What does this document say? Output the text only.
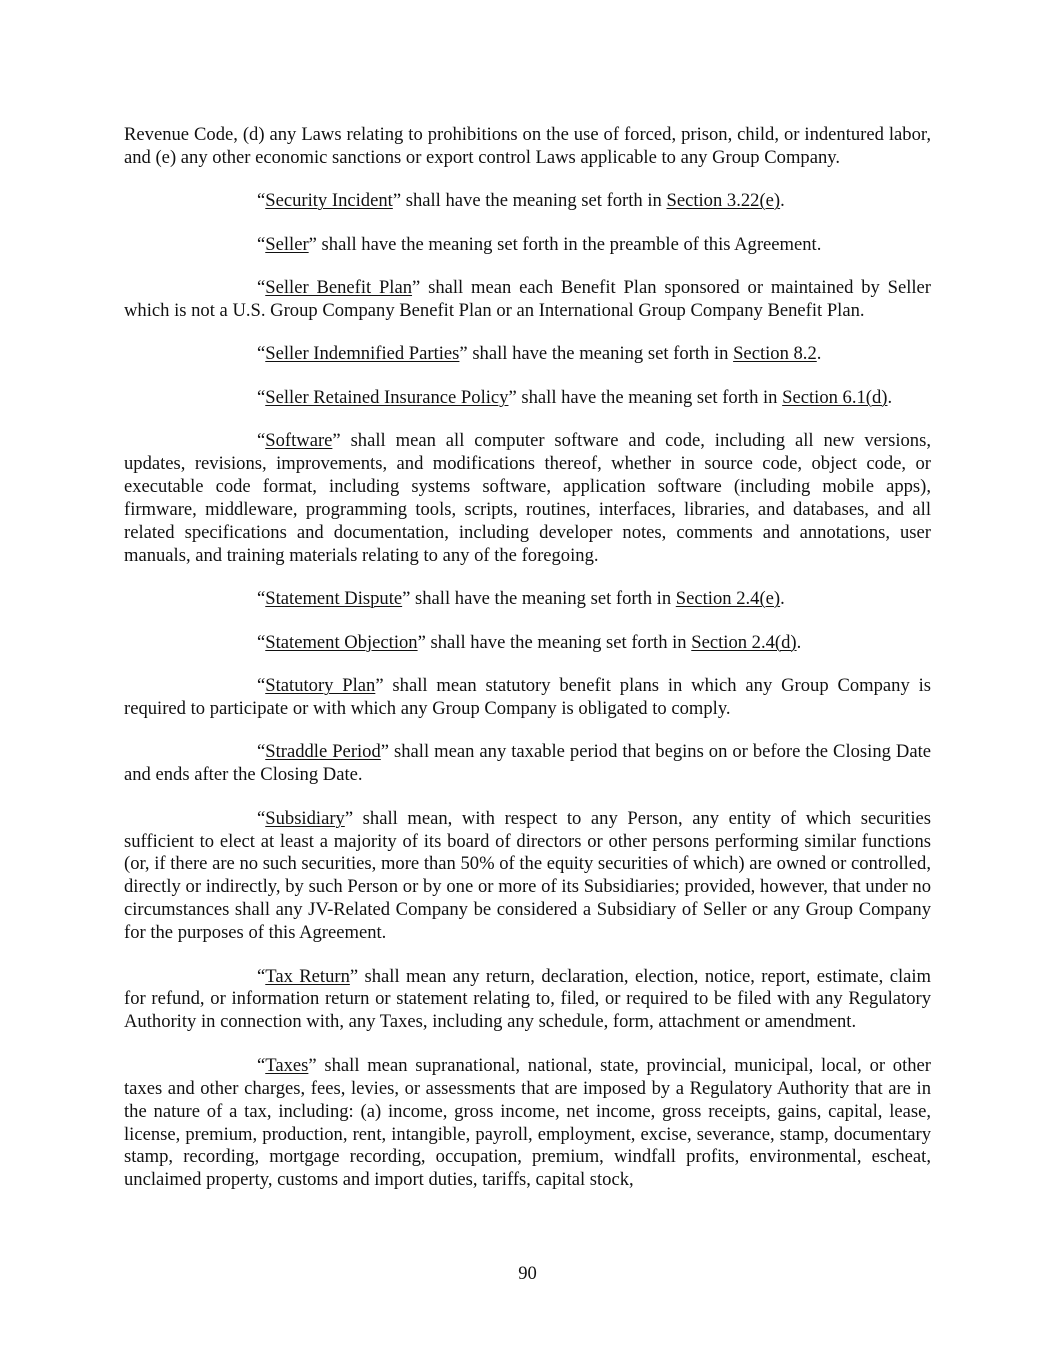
Revenue Code, (d) any Laws relating to prohibitions on the use of forced, prison, child, or indentured labor, and (e) any other economic sanctions or export control Laws applicable to any Group Company.

“Security Incident” shall have the meaning set forth in Section 3.22(e).

“Seller” shall have the meaning set forth in the preamble of this Agreement.

“Seller Benefit Plan” shall mean each Benefit Plan sponsored or maintained by Seller which is not a U.S. Group Company Benefit Plan or an International Group Company Benefit Plan.

“Seller Indemnified Parties” shall have the meaning set forth in Section 8.2.

“Seller Retained Insurance Policy” shall have the meaning set forth in Section 6.1(d).

“Software” shall mean all computer software and code, including all new versions, updates, revisions, improvements, and modifications thereof, whether in source code, object code, or executable code format, including systems software, application software (including mobile apps), firmware, middleware, programming tools, scripts, routines, interfaces, libraries, and databases, and all related specifications and documentation, including developer notes, comments and annotations, user manuals, and training materials relating to any of the foregoing.

“Statement Dispute” shall have the meaning set forth in Section 2.4(e).

“Statement Objection” shall have the meaning set forth in Section 2.4(d).

“Statutory Plan” shall mean statutory benefit plans in which any Group Company is required to participate or with which any Group Company is obligated to comply.

“Straddle Period” shall mean any taxable period that begins on or before the Closing Date and ends after the Closing Date.

“Subsidiary” shall mean, with respect to any Person, any entity of which securities sufficient to elect at least a majority of its board of directors or other persons performing similar functions (or, if there are no such securities, more than 50% of the equity securities of which) are owned or controlled, directly or indirectly, by such Person or by one or more of its Subsidiaries; provided, however, that under no circumstances shall any JV-Related Company be considered a Subsidiary of Seller or any Group Company for the purposes of this Agreement.

“Tax Return” shall mean any return, declaration, election, notice, report, estimate, claim for refund, or information return or statement relating to, filed, or required to be filed with any Regulatory Authority in connection with, any Taxes, including any schedule, form, attachment or amendment.

“Taxes” shall mean supranational, national, state, provincial, municipal, local, or other taxes and other charges, fees, levies, or assessments that are imposed by a Regulatory Authority that are in the nature of a tax, including: (a) income, gross income, net income, gross receipts, gains, capital, lease, license, premium, production, rent, intangible, payroll, employment, excise, severance, stamp, documentary stamp, recording, mortgage recording, occupation, premium, windfall profits, environmental, escheat, unclaimed property, customs and import duties, tariffs, capital stock,

90
